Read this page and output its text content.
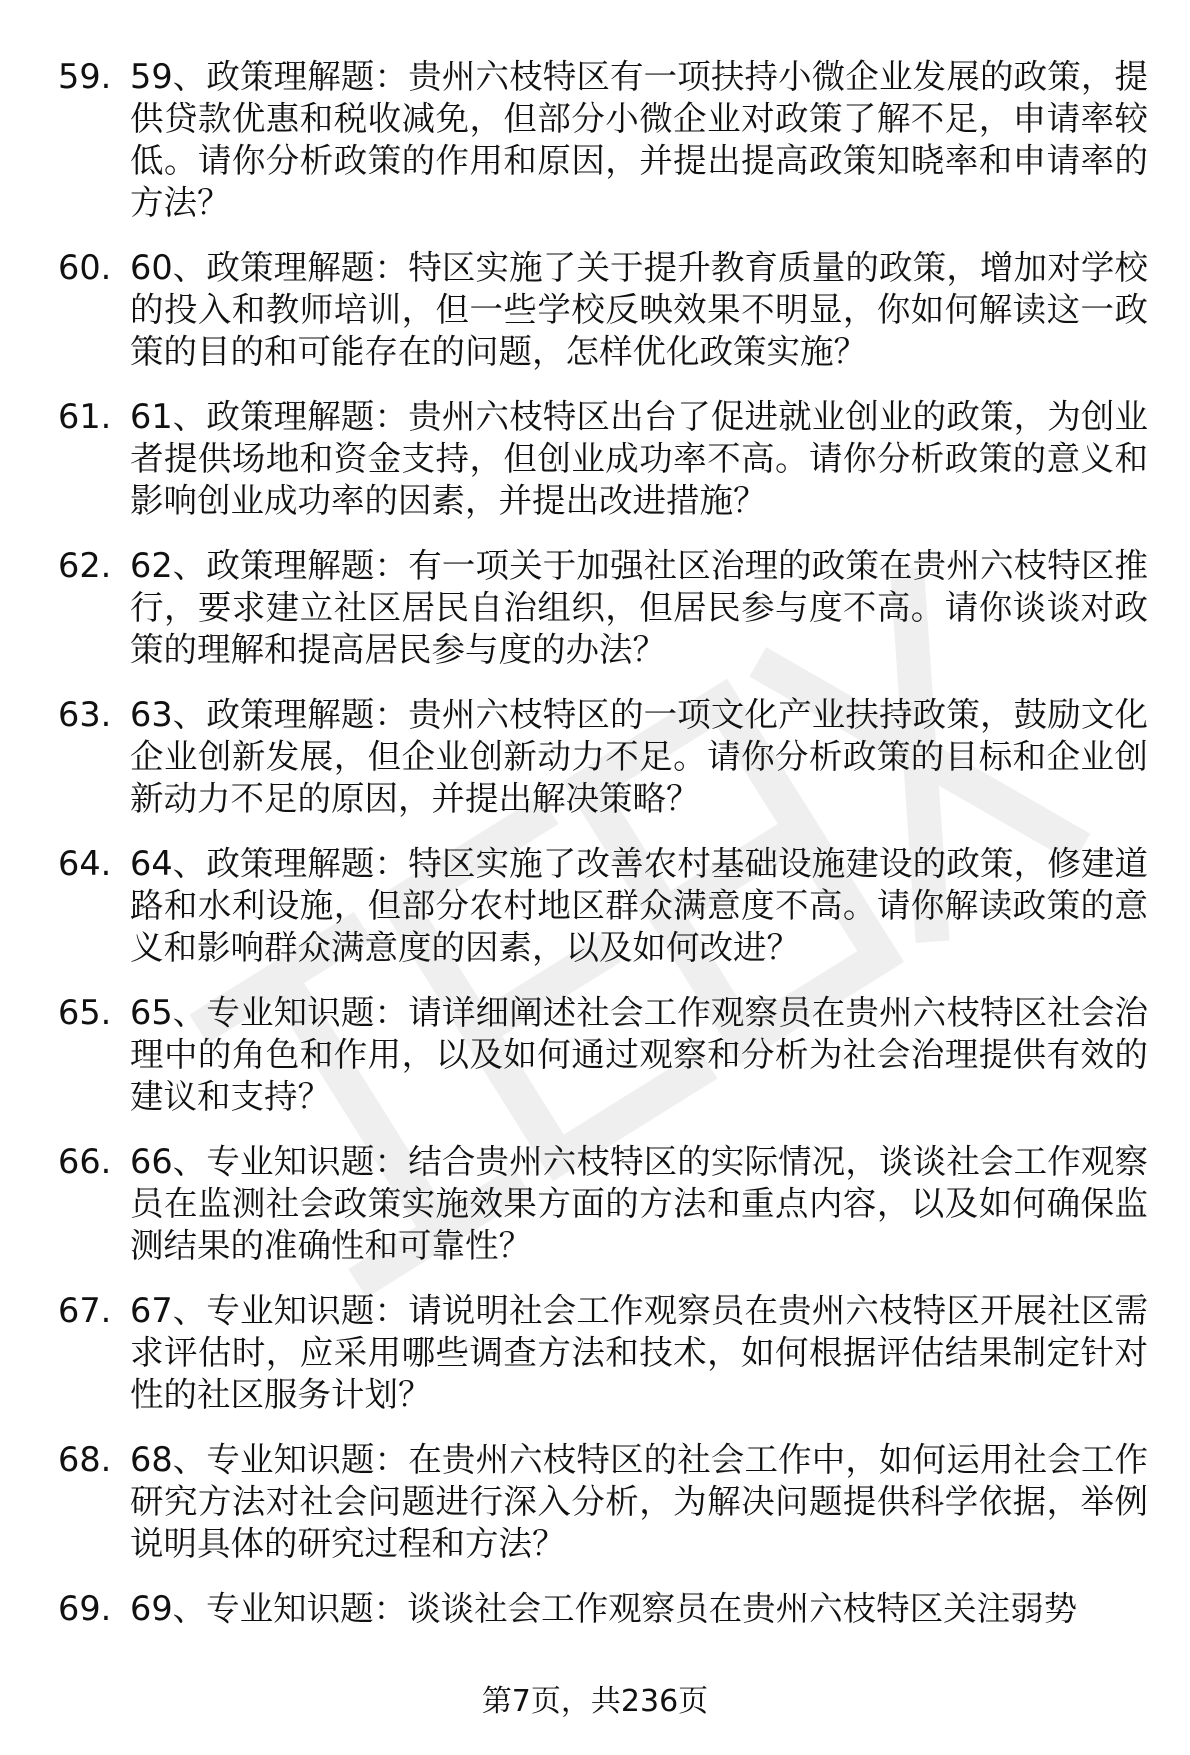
59. 59、政策理解题：贵州六枝特区有一项扶持小微企业发展的政策，提供贷款优惠和税收减免，但部分小微企业对政策了解不足，申请率较低。请你分析政策的作用和原因，并提出提高政策知晓率和申请率的方法？
60. 60、政策理解题：特区实施了关于提升教育质量的政策，增加对学校的投入和教师培训，但一些学校反映效果不明显，你如何解读这一政策的目的和可能存在的问题，怎样优化政策实施？
61. 61、政策理解题：贵州六枝特区出台了促进就业创业的政策，为创业者提供场地和资金支持，但创业成功率不高。请你分析政策的意义和影响创业成功率的因素，并提出改进措施？
62. 62、政策理解题：有一项关于加强社区治理的政策在贵州六枝特区推行，要求建立社区居民自治组织，但居民参与度不高。请你谈谈对政策的理解和提高居民参与度的办法？
63. 63、政策理解题：贵州六枝特区的一项文化产业扶持政策，鼓励文化企业创新发展，但企业创新动力不足。请你分析政策的目标和企业创新动力不足的原因，并提出解决策略？
64. 64、政策理解题：特区实施了改善农村基础设施建设的政策，修建道路和水利设施，但部分农村地区群众满意度不高。请你解读政策的意义和影响群众满意度的因素，以及如何改进？
65. 65、专业知识题：请详细阐述社会工作观察员在贵州六枝特区社会治理中的角色和作用，以及如何通过观察和分析为社会治理提供有效的建议和支持？
66. 66、专业知识题：结合贵州六枝特区的实际情况，谈谈社会工作观察员在监测社会政策实施效果方面的方法和重点内容，以及如何确保监测结果的准确性和可靠性？
67. 67、专业知识题：请说明社会工作观察员在贵州六枝特区开展社区需求评估时，应采用哪些调查方法和技术，如何根据评估结果制定针对性的社区服务计划？
68. 68、专业知识题：在贵州六枝特区的社会工作中，如何运用社会工作研究方法对社会问题进行深入分析，为解决问题提供科学依据，举例说明具体的研究过程和方法？
69. 69、专业知识题：谈谈社会工作观察员在贵州六枝特区关注弱势
第7页，共236页
